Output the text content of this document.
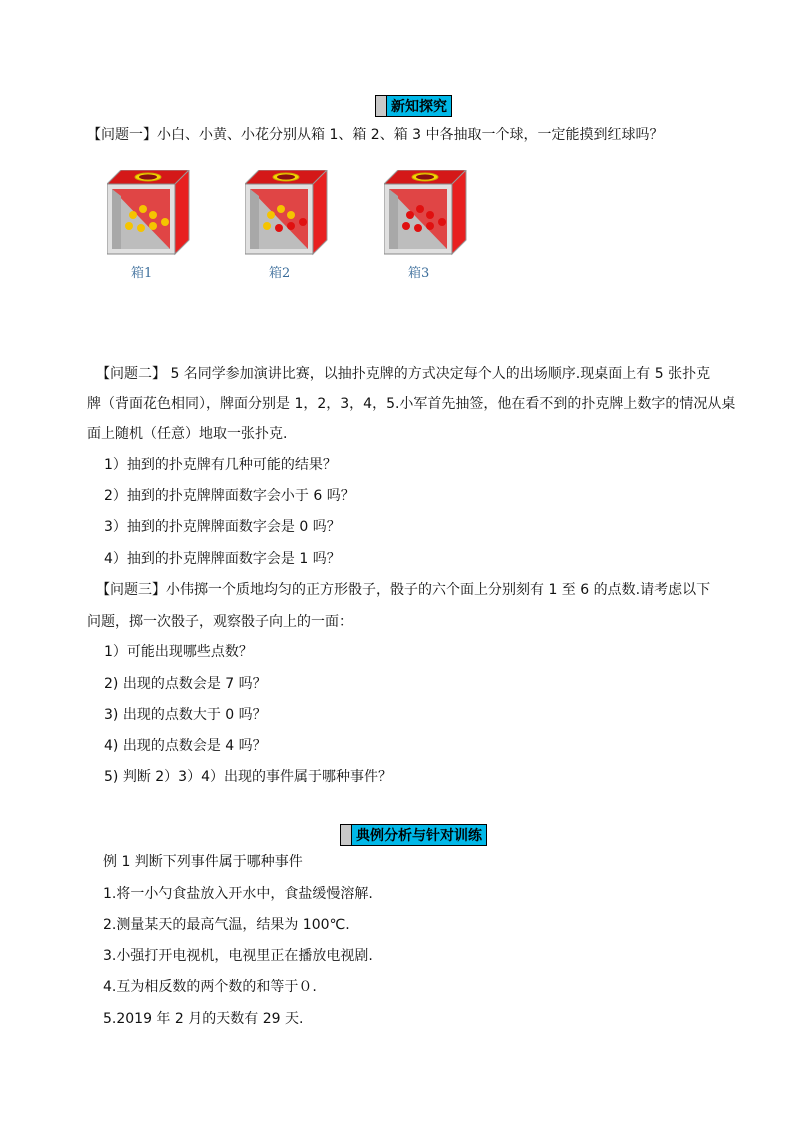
新知探究
【问题一】小白、小黄、小花分别从箱 1、箱 2、箱 3 中各抽取一个球，一定能摸到红球吗？
箱1	箱2	箱3
【问题二】 5 名同学参加演讲比赛，以抽扑克牌的方式决定每个人的出场顺序.现桌面上有 5 张扑克
牌（背面花色相同），牌面分别是 1，2，3，4，5.小军首先抽签，他在看不到的扑克牌上数字的情况从桌
面上随机（任意）地取一张扑克.
1）抽到的扑克牌有几种可能的结果？
2）抽到的扑克牌牌面数字会小于 6 吗？
3）抽到的扑克牌牌面数字会是 0 吗？
4）抽到的扑克牌牌面数字会是 1 吗？
【问题三】小伟掷一个质地均匀的正方形骰子，骰子的六个面上分别刻有 1 至 6 的点数.请考虑以下
问题，掷一次骰子，观察骰子向上的一面：
1）可能出现哪些点数？
2) 出现的点数会是 7 吗？
3) 出现的点数大于 0 吗？
4) 出现的点数会是 4 吗？
5) 判断 2）3）4）出现的事件属于哪种事件？
典例分析与针对训练
例 1 判断下列事件属于哪种事件
1.将一小勺食盐放入开水中，食盐缓慢溶解.
2.测量某天的最高气温，结果为 100℃.
3.小强打开电视机，电视里正在播放电视剧.
4.互为相反数的两个数的和等于０.
5.2019 年 2 月的天数有 29 天.
